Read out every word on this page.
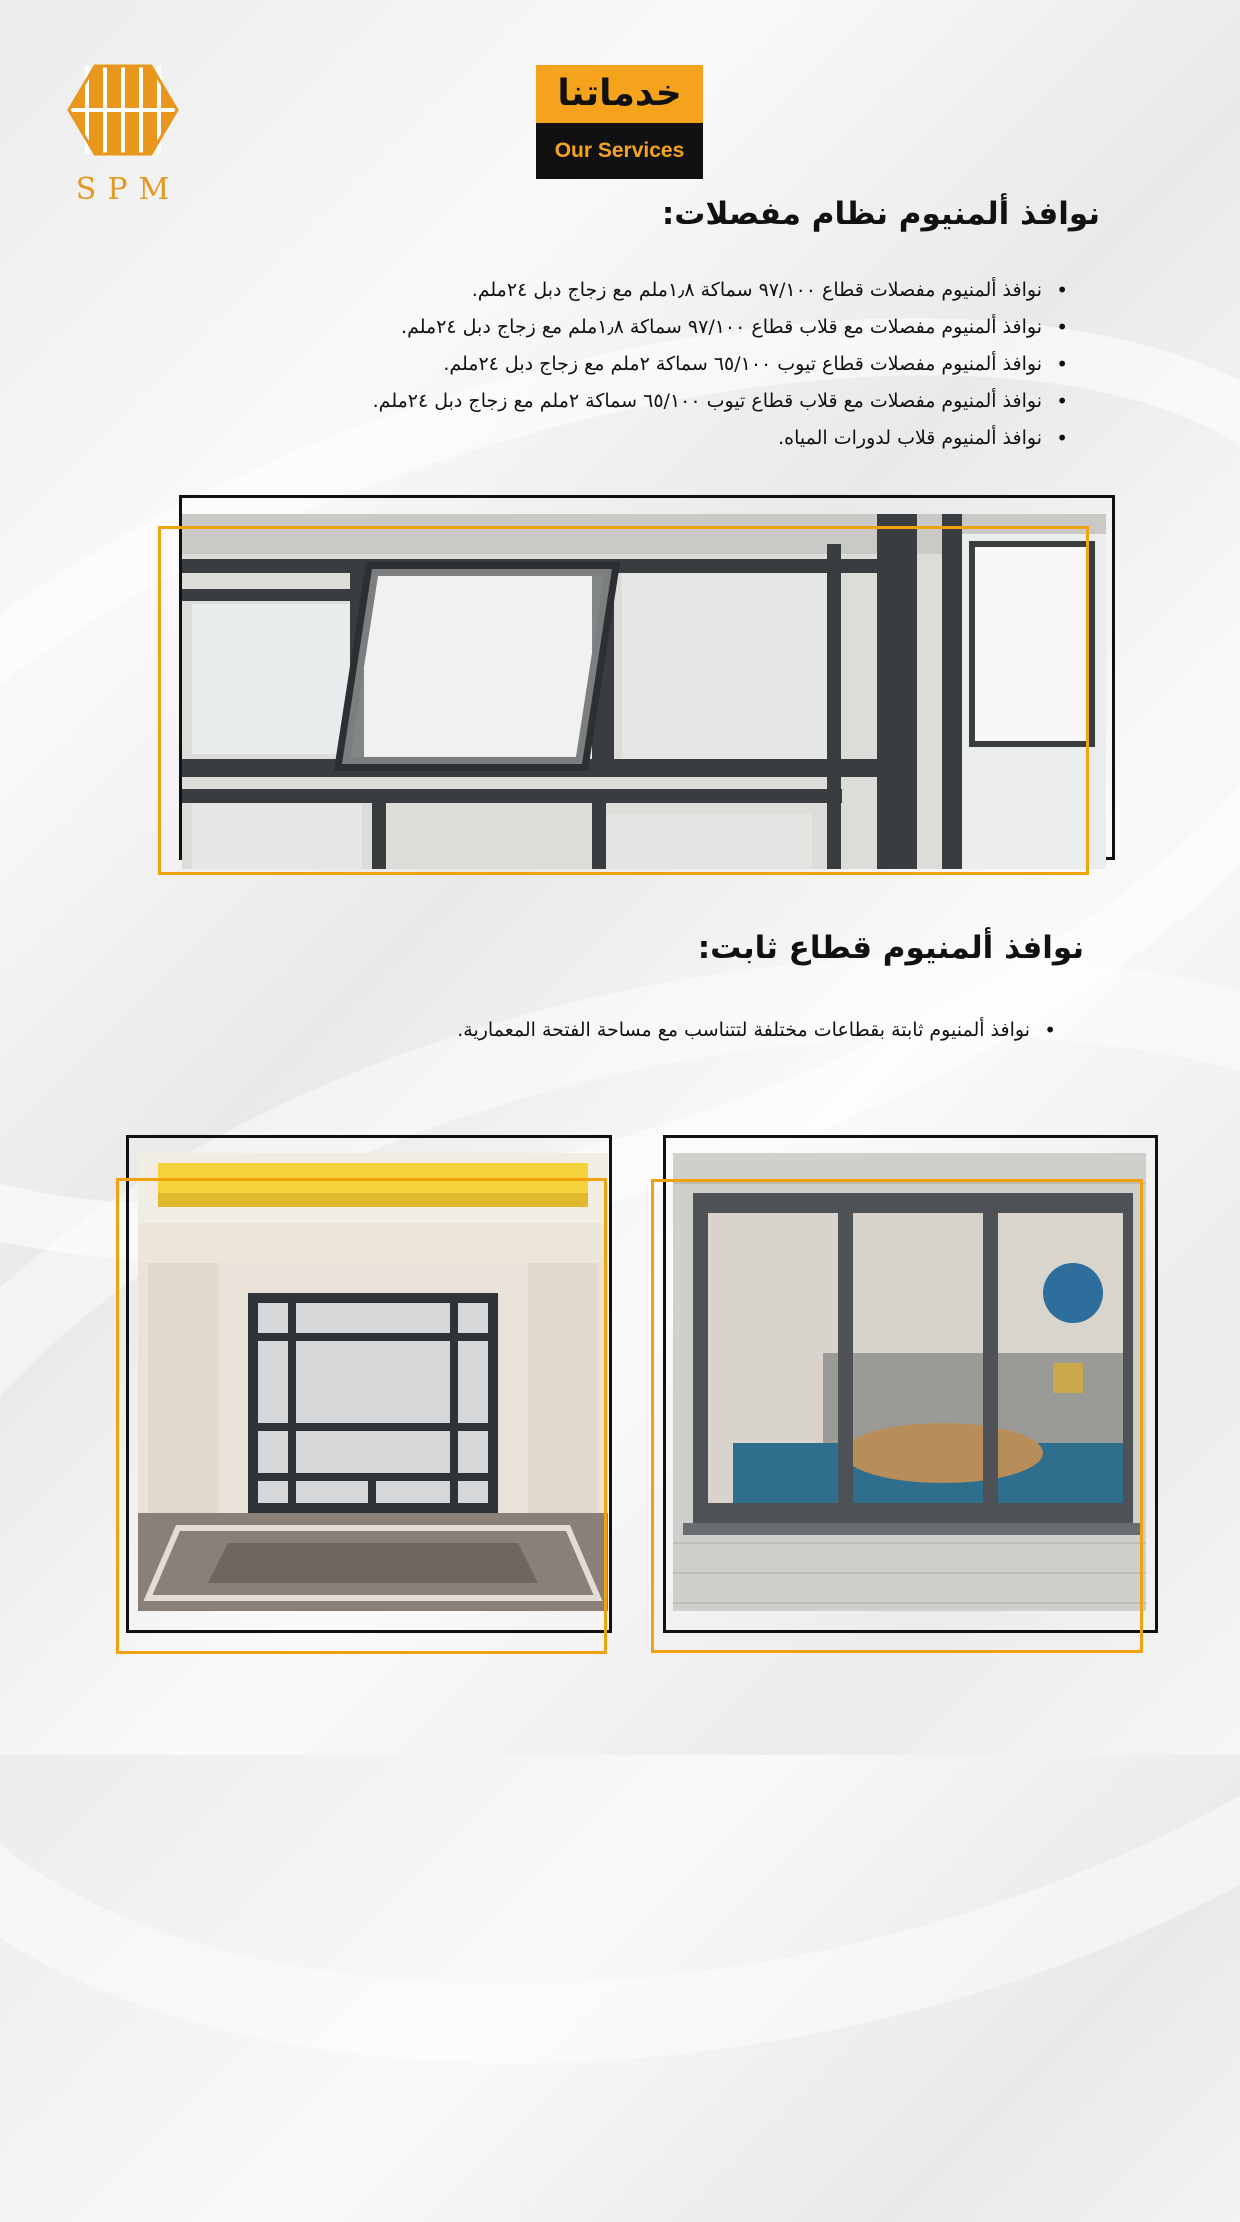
SPM
خدماتنا
Our Services
نوافذ ألمنيوم نظام مفصلات:
• نوافذ ألمنيوم مفصلات قطاع ٩٧/١٠٠ سماكة ١٫٨ملم مع زجاج دبل ٢٤ملم.
• نوافذ ألمنيوم مفصلات مع قلاب قطاع ٩٧/١٠٠ سماكة ١٫٨ملم مع زجاج دبل ٢٤ملم.
• نوافذ ألمنيوم مفصلات قطاع تيوب ٦٥/١٠٠ سماكة ٢ملم مع زجاج دبل ٢٤ملم.
• نوافذ ألمنيوم مفصلات مع قلاب قطاع تيوب ٦٥/١٠٠ سماكة ٢ملم مع زجاج دبل ٢٤ملم.
• نوافذ ألمنيوم قلاب لدورات المياه.
نوافذ ألمنيوم قطاع ثابت:
• نوافذ ألمنيوم ثابتة بقطاعات مختلفة لتتناسب مع مساحة الفتحة المعمارية.
